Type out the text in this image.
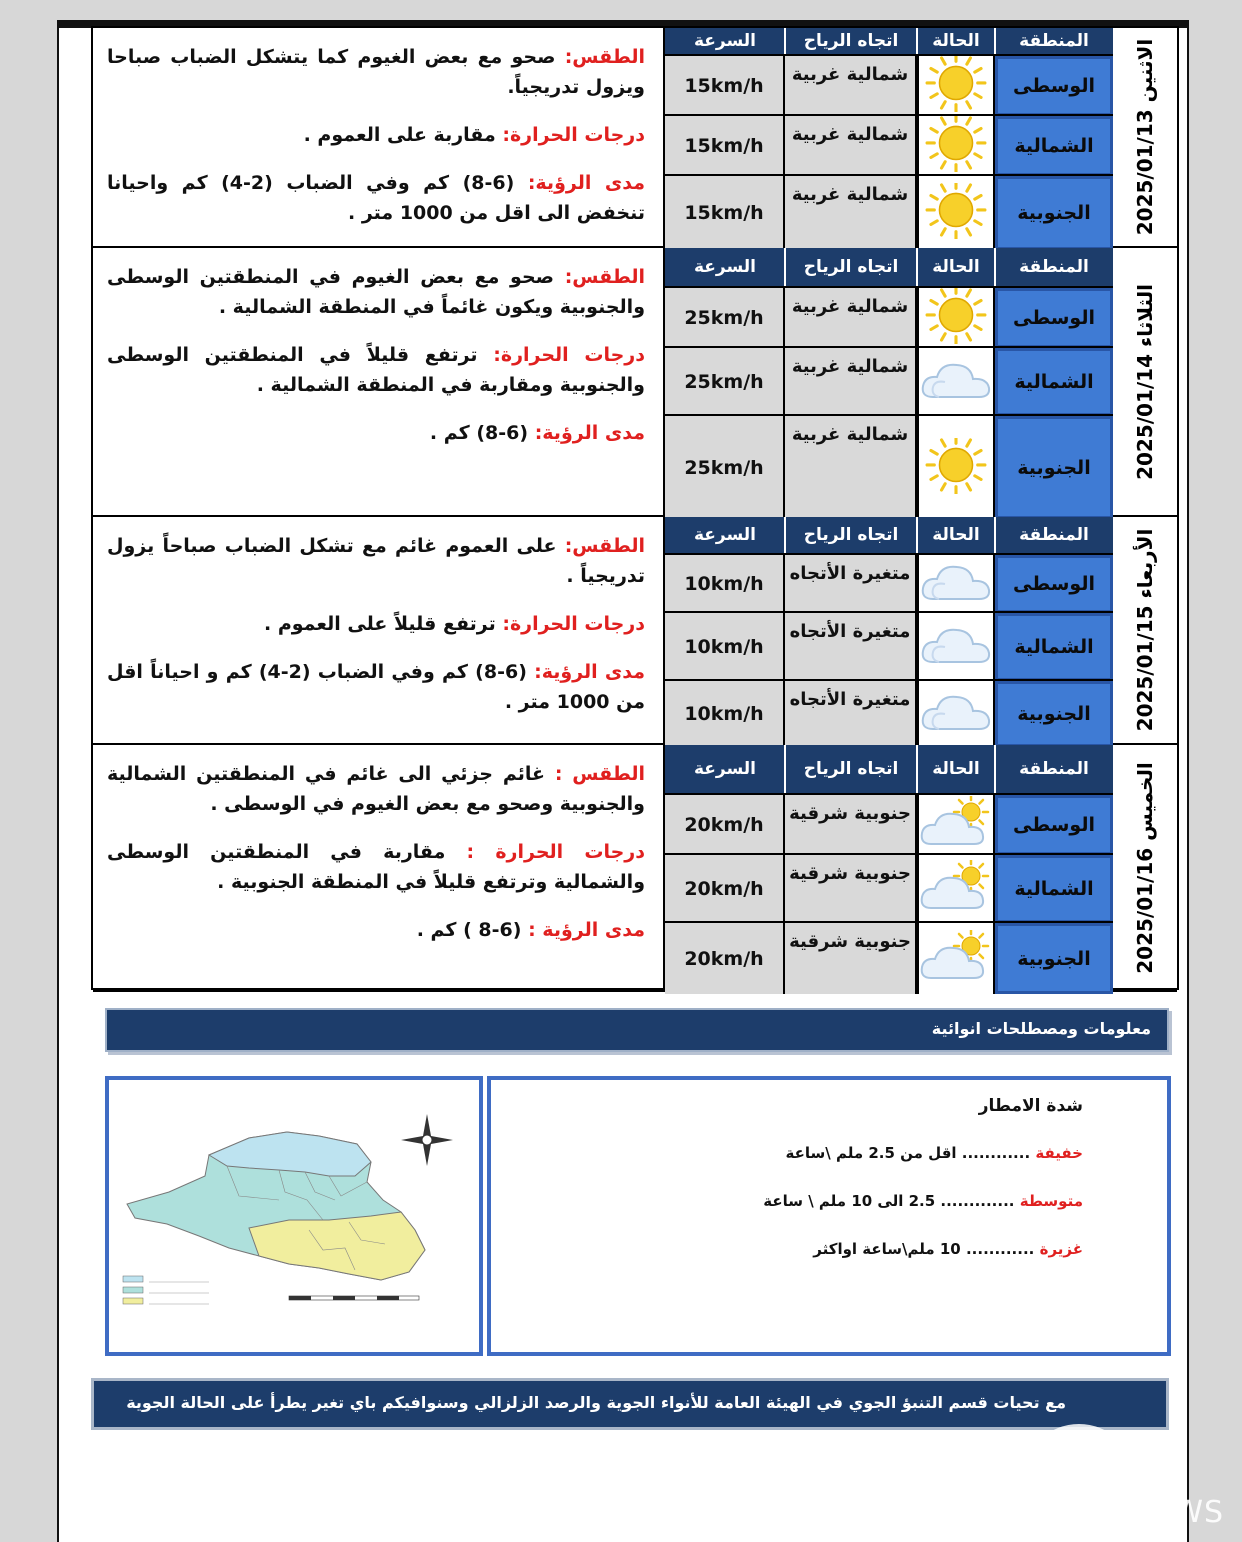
الاثنين 2025/01/13
المنطقة
الحالة
اتجاه الرياح
السرعة
الوسطى
شمالية غربية
15km/h
الشمالية
شمالية غربية
15km/h
الجنوبية
شمالية غربية
15km/h

الطقس: صحو مع بعض الغيوم كما يتشكل الضباب صباحا ويزول تدريجياً.

درجات الحرارة: مقاربة على العموم .

مدى الرؤية: (6-8) كم وفي الضباب (2-4) كم واحيانا تنخفض الى اقل من 1000 متر .

الثلاثاء 2025/01/14
المنطقة
الحالة
اتجاه الرياح
السرعة
الوسطى
شمالية غربية
25km/h
الشمالية
شمالية غربية
25km/h
الجنوبية
شمالية غربية
25km/h

الطقس: صحو مع بعض الغيوم في المنطقتين الوسطى والجنوبية ويكون غائماً في المنطقة الشمالية .

درجات الحرارة: ترتفع قليلاً في المنطقتين الوسطى والجنوبية ومقاربة في المنطقة الشمالية .

مدى الرؤية: (6-8) كم .

الأربعاء 2025/01/15
المنطقة
الحالة
اتجاه الرياح
السرعة
الوسطى
متغيرة الأتجاه
10km/h
الشمالية
متغيرة الأتجاه
10km/h
الجنوبية
متغيرة الأتجاه
10km/h

الطقس: على العموم غائم مع تشكل الضباب صباحاً يزول تدريجياً .

درجات الحرارة: ترتفع قليلاً على العموم .

مدى الرؤية: (6-8) كم وفي الضباب (2-4) كم و احياناً اقل من 1000 متر .

الخميس 2025/01/16
المنطقة
الحالة
اتجاه الرياح
السرعة
الوسطى
جنوبية شرقية
20km/h
الشمالية
جنوبية شرقية
20km/h
الجنوبية
جنوبية شرقية
20km/h

الطقس : غائم جزئي الى غائم في المنطقتين الشمالية والجنوبية وصحو مع بعض الغيوم في الوسطى .

درجات الحرارة : مقاربة في المنطقتين الوسطى والشمالية وترتفع قليلاً في المنطقة الجنوبية .

مدى الرؤية : (6-8 ) كم .

معلومات ومصطلحات انوائية
شدة الامطار
خفيفة ............ اقل من 2.5 ملم \ساعة
متوسطة ............. 2.5 الى 10 ملم \ ساعة
غزيرة ............ 10 ملم\ساعة اواكثر
مع تحيات قسم التنبؤ الجوي في الهيئة العامة للأنواء الجوية والرصد الزلزالي وسنوافيكم باي تغير يطرأ على الحالة الجوية
IQ NEWS
